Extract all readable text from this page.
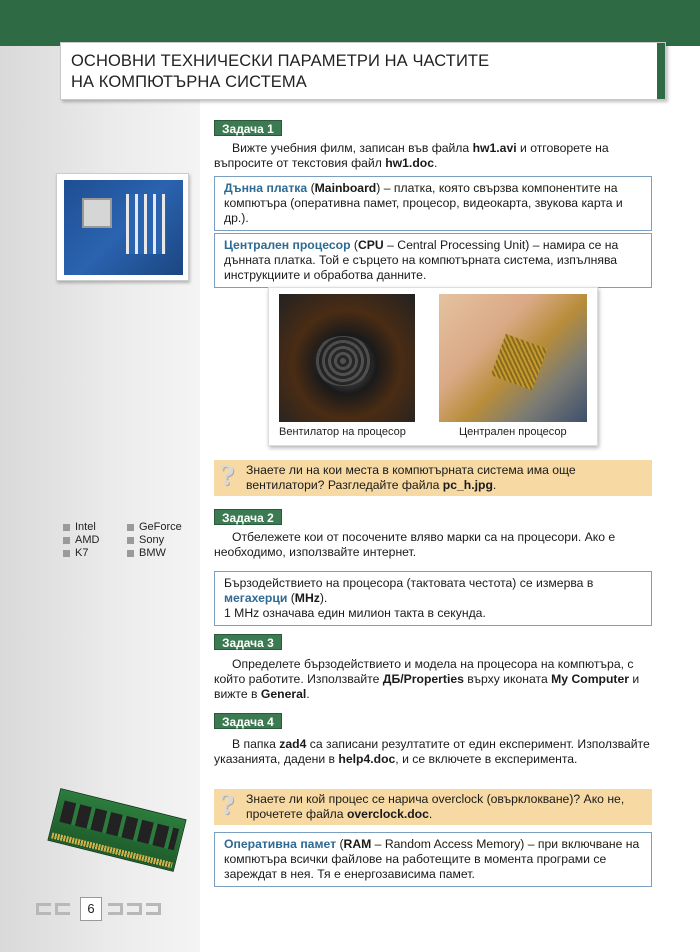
ОСНОВНИ ТЕХНИЧЕСКИ ПАРАМЕТРИ НА ЧАСТИТЕ
НА КОМПЮТЪРНА СИСТЕМА
Задача 1
Вижте учебния филм, записан във файла hw1.avi и отговорете на въпросите от текстовия файл hw1.doc.
Дънна платка (Mainboard) – платка, която свързва компонентите на компютъра (оперативна памет, процесор, видеокарта, звукова карта и др.).
Централен процесор (CPU – Central Processing Unit) – намира се на дънната платка. Той е сърцето на компютърната система, изпълнява инструкциите и обработва данните.
Вентилатор на процесор	Централен процесор
? Знаете ли на кои места в компютърната система има още вентилатори? Разгледайте файла pc_h.jpg.
Intel	GeForce
AMD	Sony
K7	BMW
Задача 2
Отбележете кои от посочените вляво марки са на процесори. Ако е необходимо, използвайте интернет.
Бързодействието на процесора (тактовата честота) се измерва в мегахерци (MHz).
1 MHz означава един милион такта в секунда.
Задача 3
Определете бързодействието и модела на процесора на компютъра, с който работите. Използвайте ДБ/Properties върху иконата My Computer и вижте в General.
Задача 4
В папка zad4 са записани резултатите от един експеримент. Използвайте указанията, дадени в help4.doc, и се включете в експеримента.
? Знаете ли кой процес се нарича overclock (овърклокване)? Ако не, прочетете файла overclock.doc.
Оперативна памет (RAM – Random Access Memory) – при включване на компютъра всички файлове на работещите в момента програми се зареждат в нея. Тя е енергозависима памет.
6
